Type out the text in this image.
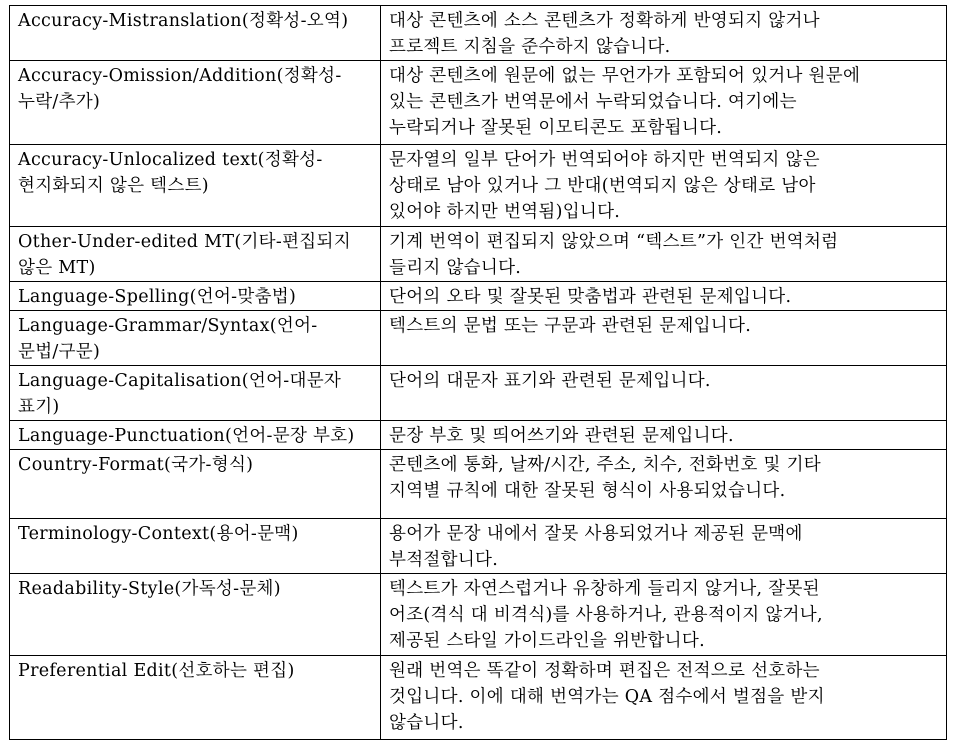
Accuracy-Mistranslation(정확성-오역)	대상 콘텐츠에 소스 콘텐츠가 정확하게 반영되지 않거나
프로젝트 지침을 준수하지 않습니다.

Accuracy-Omission/Addition(정확성-
누락/추가)	대상 콘텐츠에 원문에 없는 무언가가 포함되어 있거나 원문에
있는 콘텐츠가 번역문에서 누락되었습니다. 여기에는
누락되거나 잘못된 이모티콘도 포함됩니다.

Accuracy-Unlocalized text(정확성-
현지화되지 않은 텍스트)	문자열의 일부 단어가 번역되어야 하지만 번역되지 않은
상태로 남아 있거나 그 반대(번역되지 않은 상태로 남아
있어야 하지만 번역됨)입니다.

Other-Under-edited MT(기타-편집되지
않은 MT)	기계 번역이 편집되지 않았으며 “텍스트”가 인간 번역처럼
들리지 않습니다.

Language-Spelling(언어-맞춤법)	단어의 오타 및 잘못된 맞춤법과 관련된 문제입니다.

Language-Grammar/Syntax(언어-
문법/구문)	텍스트의 문법 또는 구문과 관련된 문제입니다.

Language-Capitalisation(언어-대문자
표기)	단어의 대문자 표기와 관련된 문제입니다.

Language-Punctuation(언어-문장 부호)	문장 부호 및 띄어쓰기와 관련된 문제입니다.

Country-Format(국가-형식)	콘텐츠에 통화, 날짜/시간, 주소, 치수, 전화번호 및 기타
지역별 규칙에 대한 잘못된 형식이 사용되었습니다.

Terminology-Context(용어-문맥)	용어가 문장 내에서 잘못 사용되었거나 제공된 문맥에
부적절합니다.

Readability-Style(가독성-문체)	텍스트가 자연스럽거나 유창하게 들리지 않거나, 잘못된
어조(격식 대 비격식)를 사용하거나, 관용적이지 않거나,
제공된 스타일 가이드라인을 위반합니다.

Preferential Edit(선호하는 편집)	원래 번역은 똑같이 정확하며 편집은 전적으로 선호하는
것입니다. 이에 대해 번역가는 QA 점수에서 벌점을 받지
않습니다.
